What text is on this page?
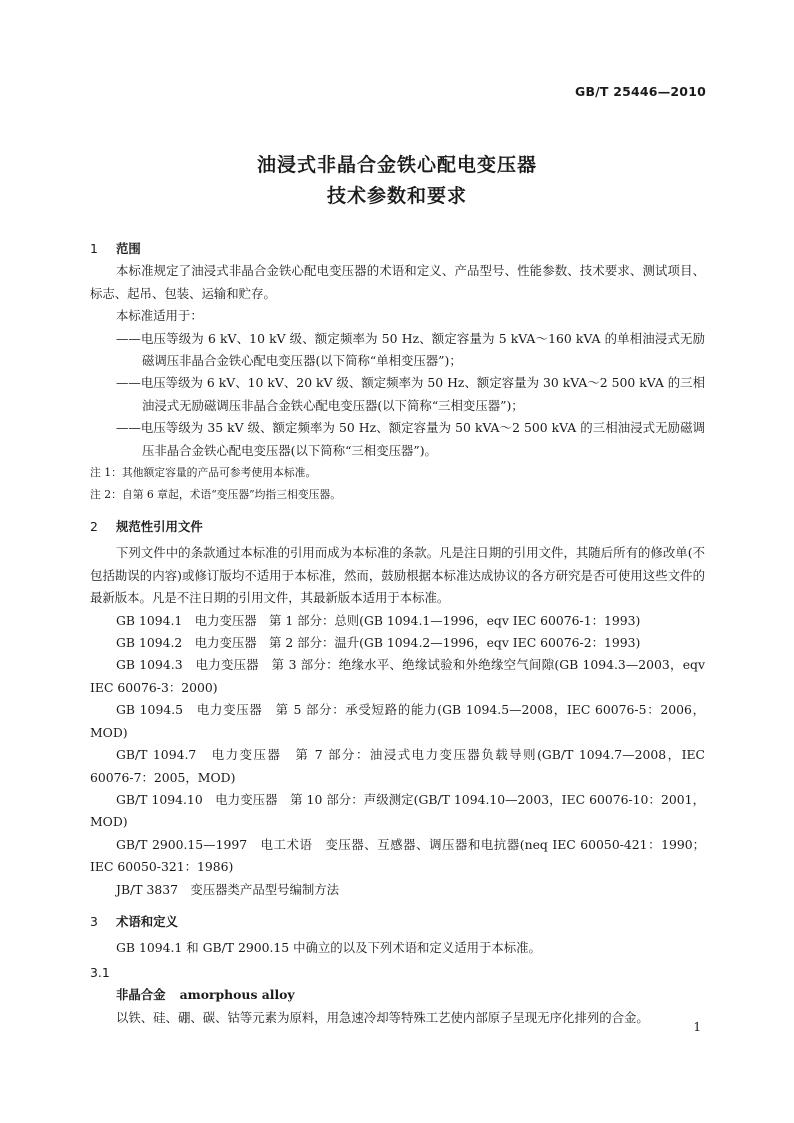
GB/T 25446—2010
油浸式非晶合金铁心配电变压器
技术参数和要求
1 范围

本标准规定了油浸式非晶合金铁心配电变压器的术语和定义、产品型号、性能参数、技术要求、测试项目、标志、起吊、包装、运输和贮存。

本标准适用于：

——电压等级为 6 kV、10 kV 级、额定频率为 50 Hz、额定容量为 5 kVA～160 kVA 的单相油浸式无励磁调压非晶合金铁心配电变压器(以下简称“单相变压器”)；

——电压等级为 6 kV、10 kV、20 kV 级、额定频率为 50 Hz、额定容量为 30 kVA～2 500 kVA 的三相油浸式无励磁调压非晶合金铁心配电变压器(以下简称“三相变压器”)；

——电压等级为 35 kV 级、额定频率为 50 Hz、额定容量为 50 kVA～2 500 kVA 的三相油浸式无励磁调压非晶合金铁心配电变压器(以下简称“三相变压器”)。

注 1：其他额定容量的产品可参考使用本标准。

注 2：自第 6 章起，术语“变压器”均指三相变压器。

2 规范性引用文件

下列文件中的条款通过本标准的引用而成为本标准的条款。凡是注日期的引用文件，其随后所有的修改单(不包括勘误的内容)或修订版均不适用于本标准，然而，鼓励根据本标准达成协议的各方研究是否可使用这些文件的最新版本。凡是不注日期的引用文件，其最新版本适用于本标准。

GB 1094.1　电力变压器　第 1 部分：总则(GB 1094.1—1996，eqv IEC 60076-1：1993)

GB 1094.2　电力变压器　第 2 部分：温升(GB 1094.2—1996，eqv IEC 60076-2：1993)

GB 1094.3　电力变压器　第 3 部分：绝缘水平、绝缘试验和外绝缘空气间隙(GB 1094.3—2003，eqv IEC 60076-3：2000)

GB 1094.5　电力变压器　第 5 部分：承受短路的能力(GB 1094.5—2008，IEC 60076-5：2006，MOD)

GB/T 1094.7　电力变压器　第 7 部分：油浸式电力变压器负载导则(GB/T 1094.7—2008，IEC 60076-7：2005，MOD)

GB/T 1094.10　电力变压器　第 10 部分：声级测定(GB/T 1094.10—2003，IEC 60076-10：2001，MOD)

GB/T 2900.15—1997　电工术语　变压器、互感器、调压器和电抗器(neq IEC 60050-421：1990；IEC 60050-321：1986)

JB/T 3837　变压器类产品型号编制方法

3 术语和定义

GB 1094.1 和 GB/T 2900.15 中确立的以及下列术语和定义适用于本标准。

3.1

非晶合金 amorphous alloy

以铁、硅、硼、碳、钴等元素为原料，用急速冷却等特殊工艺使内部原子呈现无序化排列的合金。

1
